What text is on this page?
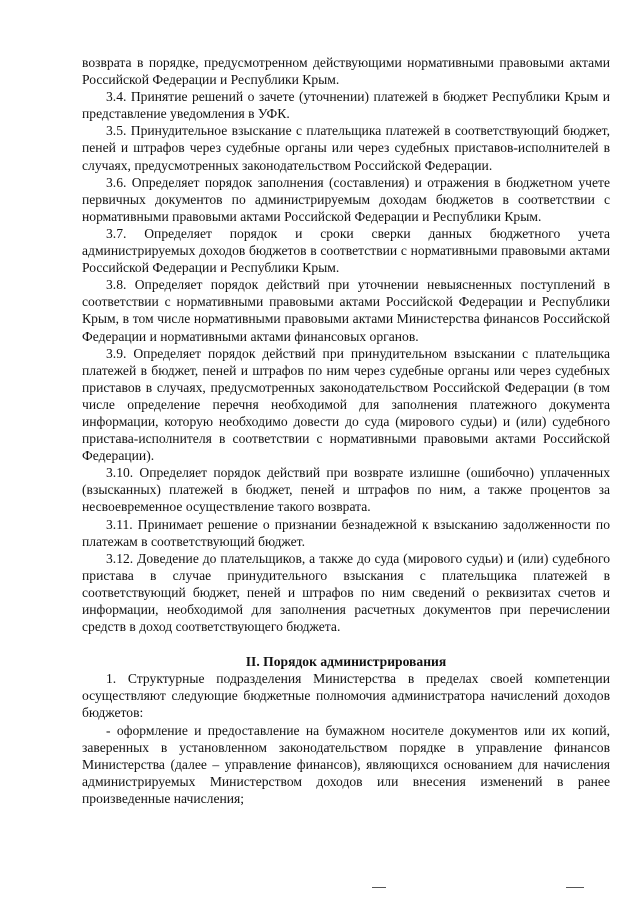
возврата в порядке, предусмотренном действующими нормативными правовыми актами Российской Федерации и Республики Крым.

3.4. Принятие решений о зачете (уточнении) платежей в бюджет Республики Крым и представление уведомления в УФК.

3.5. Принудительное взыскание с плательщика платежей в соответствующий бюджет, пеней и штрафов через судебные органы или через судебных приставов-исполнителей в случаях, предусмотренных законодательством Российской Федерации.

3.6. Определяет порядок заполнения (составления) и отражения в бюджетном учете первичных документов по администрируемым доходам бюджетов в соответствии с нормативными правовыми актами Российской Федерации и Республики Крым.

3.7. Определяет порядок и сроки сверки данных бюджетного учета администрируемых доходов бюджетов в соответствии с нормативными правовыми актами Российской Федерации и Республики Крым.

3.8. Определяет порядок действий при уточнении невыясненных поступлений в соответствии с нормативными правовыми актами Российской Федерации и Республики Крым, в том числе нормативными правовыми актами Министерства финансов Российской Федерации и нормативными актами финансовых органов.

3.9. Определяет порядок действий при принудительном взыскании с плательщика платежей в бюджет, пеней и штрафов по ним через судебные органы или через судебных приставов в случаях, предусмотренных законодательством Российской Федерации (в том числе определение перечня необходимой для заполнения платежного документа информации, которую необходимо довести до суда (мирового судьи) и (или) судебного пристава-исполнителя в соответствии с нормативными правовыми актами Российской Федерации).

3.10. Определяет порядок действий при возврате излишне (ошибочно) уплаченных (взысканных) платежей в бюджет, пеней и штрафов по ним, а также процентов за несвоевременное осуществление такого возврата.

3.11. Принимает решение о признании безнадежной к взысканию задолженности по платежам в соответствующий бюджет.

3.12. Доведение до плательщиков, а также до суда (мирового судьи) и (или) судебного пристава в случае принудительного взыскания с плательщика платежей в соответствующий бюджет, пеней и штрафов по ним сведений о реквизитах счетов и информации, необходимой для заполнения расчетных документов при перечислении средств в доход соответствующего бюджета.

II. Порядок администрирования

1. Структурные подразделения Министерства в пределах своей компетенции осуществляют следующие бюджетные полномочия администратора начислений доходов бюджетов:

- оформление и предоставление на бумажном носителе документов или их копий, заверенных в установленном законодательством порядке в управление финансов Министерства (далее – управление финансов), являющихся основанием для начисления администрируемых Министерством доходов или внесения изменений в ранее произведенные начисления;
